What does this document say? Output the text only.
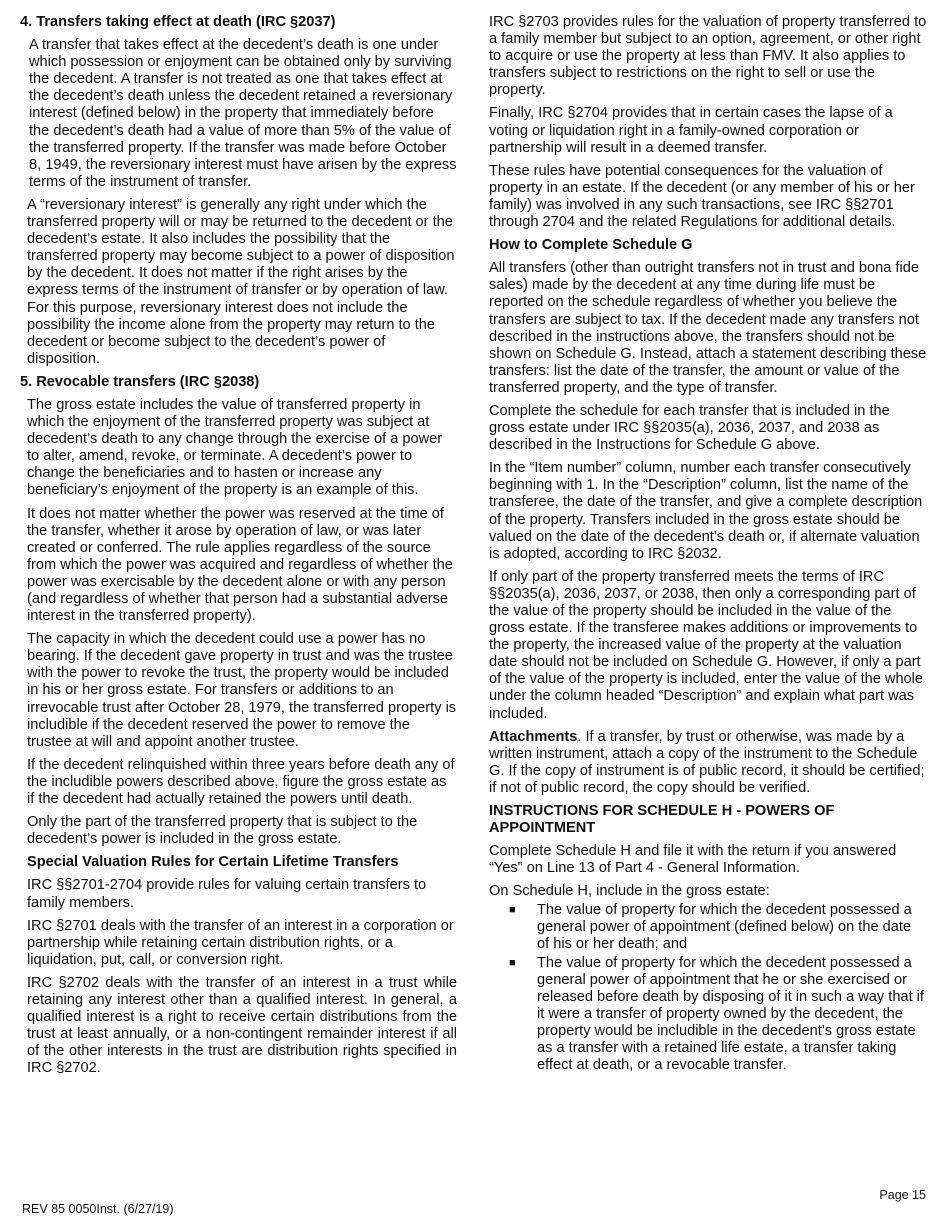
4. Transfers taking effect at death (IRC §2037)

A transfer that takes effect at the decedent’s death is one under which possession or enjoyment can be obtained only by surviving the decedent. A transfer is not treated as one that takes effect at the decedent’s death unless the decedent retained a reversionary interest (defined below) in the property that immediately before the decedent’s death had a value of more than 5% of the value of the transferred property. If the transfer was made before October 8, 1949, the reversionary interest must have arisen by the express terms of the instrument of transfer.

A “reversionary interest” is generally any right under which the transferred property will or may be returned to the decedent or the decedent’s estate. It also includes the possibility that the transferred property may become subject to a power of disposition by the decedent. It does not matter if the right arises by the express terms of the instrument of transfer or by operation of law. For this purpose, reversionary interest does not include the possibility the income alone from the property may return to the decedent or become subject to the decedent’s power of disposition.

5. Revocable transfers (IRC §2038)

The gross estate includes the value of transferred property in which the enjoyment of the transferred property was subject at decedent’s death to any change through the exercise of a power to alter, amend, revoke, or terminate. A decedent’s power to change the beneficiaries and to hasten or increase any beneficiary’s enjoyment of the property is an example of this.

It does not matter whether the power was reserved at the time of the transfer, whether it arose by operation of law, or was later created or conferred. The rule applies regardless of the source from which the power was acquired and regardless of whether the power was exercisable by the decedent alone or with any person (and regardless of whether that person had a substantial adverse interest in the transferred property).

The capacity in which the decedent could use a power has no bearing. If the decedent gave property in trust and was the trustee with the power to revoke the trust, the property would be included in his or her gross estate. For transfers or additions to an irrevocable trust after October 28, 1979, the transferred property is includible if the decedent reserved the power to remove the trustee at will and appoint another trustee.

If the decedent relinquished within three years before death any of the includible powers described above, figure the gross estate as if the decedent had actually retained the powers until death.

Only the part of the transferred property that is subject to the decedent’s power is included in the gross estate.

Special Valuation Rules for Certain Lifetime Transfers

IRC §§2701-2704 provide rules for valuing certain transfers to family members.

IRC §2701 deals with the transfer of an interest in a corporation or partnership while retaining certain distribution rights, or a liquidation, put, call, or conversion right.

IRC §2702 deals with the transfer of an interest in a trust while retaining any interest other than a qualified interest. In general, a qualified interest is a right to receive certain distributions from the trust at least annually, or a non-contingent remainder interest if all of the other interests in the trust are distribution rights specified in IRC §2702.

IRC §2703 provides rules for the valuation of property transferred to a family member but subject to an option, agreement, or other right to acquire or use the property at less than FMV. It also applies to transfers subject to restrictions on the right to sell or use the property.

Finally, IRC §2704 provides that in certain cases the lapse of a voting or liquidation right in a family-owned corporation or partnership will result in a deemed transfer.

These rules have potential consequences for the valuation of property in an estate. If the decedent (or any member of his or her family) was involved in any such transactions, see IRC §§2701 through 2704 and the related Regulations for additional details.

How to Complete Schedule G

All transfers (other than outright transfers not in trust and bona fide sales) made by the decedent at any time during life must be reported on the schedule regardless of whether you believe the transfers are subject to tax. If the decedent made any transfers not described in the instructions above, the transfers should not be shown on Schedule G. Instead, attach a statement describing these transfers: list the date of the transfer, the amount or value of the transferred property, and the type of transfer.

Complete the schedule for each transfer that is included in the gross estate under IRC §§2035(a), 2036, 2037, and 2038 as described in the Instructions for Schedule G above.

In the “Item number” column, number each transfer consecutively beginning with 1. In the “Description” column, list the name of the transferee, the date of the transfer, and give a complete description of the property. Transfers included in the gross estate should be valued on the date of the decedent’s death or, if alternate valuation is adopted, according to IRC §2032.

If only part of the property transferred meets the terms of IRC §§2035(a), 2036, 2037, or 2038, then only a corresponding part of the value of the property should be included in the value of the gross estate. If the transferee makes additions or improvements to the property, the increased value of the property at the valuation date should not be included on Schedule G. However, if only a part of the value of the property is included, enter the value of the whole under the column headed “Description” and explain what part was included.

Attachments. If a transfer, by trust or otherwise, was made by a written instrument, attach a copy of the instrument to the Schedule G. If the copy of instrument is of public record, it should be certified; if not of public record, the copy should be verified.

INSTRUCTIONS FOR SCHEDULE H - POWERS OF APPOINTMENT

Complete Schedule H and file it with the return if you answered “Yes” on Line 13 of Part 4 - General Information.

On Schedule H, include in the gross estate:

■ The value of property for which the decedent possessed a general power of appointment (defined below) on the date of his or her death; and
■ The value of property for which the decedent possessed a general power of appointment that he or she exercised or released before death by disposing of it in such a way that if it were a transfer of property owned by the decedent, the property would be includible in the decedent’s gross estate as a transfer with a retained life estate, a transfer taking effect at death, or a revocable transfer.
REV 85 0050Inst. (6/27/19)
Page 15
